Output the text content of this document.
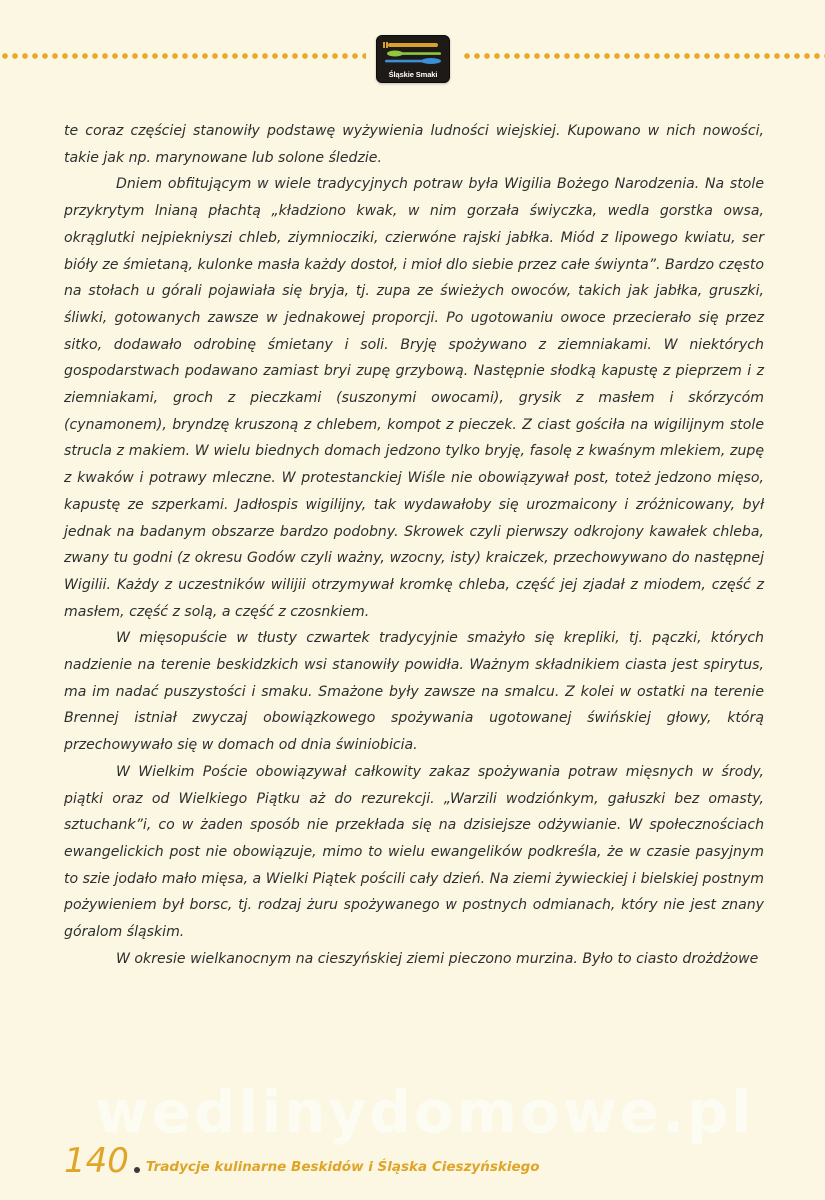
Śląskie Smaki

te coraz częściej stanowiły podstawę wyżywienia ludności wiejskiej. Kupowano w nich nowości, takie jak np. marynowane lub solone śledzie.

Dniem obfitującym w wiele tradycyjnych potraw była Wigilia Bożego Narodzenia. Na stole przykrytym lnianą płachtą „kładziono kwak, w nim gorzała świyczka, wedla gorstka owsa, okrąglutki nejpiekniyszi chleb, ziymniocziki, czierwóne rajski jabłka. Miód z lipowego kwiatu, ser bióły ze śmietaną, kulonke masła każdy dostoł, i mioł dlo siebie przez całe świynta”. Bardzo często na stołach u górali pojawiała się bryja, tj. zupa ze świeżych owoców, takich jak jabłka, gruszki, śliwki, gotowanych zawsze w jednakowej proporcji. Po ugotowaniu owoce przecierało się przez sitko, dodawało odrobinę śmietany i soli. Bryję spożywano z ziemniakami. W niektórych gospodarstwach podawano zamiast bryi zupę grzybową. Następnie słodką kapustę z pieprzem i z ziemniakami, groch z pieczkami (suszonymi owocami), grysik z masłem i skórzycóm (cynamonem), bryndzę kruszoną z chlebem, kompot z pieczek. Z ciast gościła na wigilijnym stole strucla z makiem. W wielu biednych domach jedzono tylko bryję, fasolę z kwaśnym mlekiem, zupę z kwaków i potrawy mleczne. W protestanckiej Wiśle nie obowiązywał post, toteż jedzono mięso, kapustę ze szperkami. Jadłospis wigilijny, tak wydawałoby się urozmaicony i zróżnicowany, był jednak na badanym obszarze bardzo podobny. Skrowek czyli pierwszy odkrojony kawałek chleba, zwany tu godni (z okresu Godów czyli ważny, wzocny, isty) kraiczek, przechowywano do następnej Wigilii. Każdy z uczestników wilijii otrzymywał kromkę chleba, część jej zjadał z miodem, część z masłem, część z solą, a część z czosnkiem.

W mięsopuście w tłusty czwartek tradycyjnie smażyło się krepliki, tj. pączki, których nadzienie na terenie beskidzkich wsi stanowiły powidła. Ważnym składnikiem ciasta jest spirytus, ma im nadać puszystości i smaku. Smażone były zawsze na smalcu. Z kolei w ostatki na terenie Brennej istniał zwyczaj obowiązkowego spożywania ugotowanej świńskiej głowy, którą przechowywało się w domach od dnia świniobicia.

W Wielkim Poście obowiązywał całkowity zakaz spożywania potraw mięsnych w środy, piątki oraz od Wielkiego Piątku aż do rezurekcji. „Warzili wodziónkym, gałuszki bez omasty, sztuchank”i, co w żaden sposób nie przekłada się na dzisiejsze odżywianie. W społecznościach ewangelickich post nie obowiązuje, mimo to wielu ewangelików podkreśla, że w czasie pasyjnym to szie jodało mało mięsa, a Wielki Piątek pościli cały dzień. Na ziemi żywieckiej i bielskiej postnym pożywieniem był borsc, tj. rodzaj żuru spożywanego w postnych odmianach, który nie jest znany góralom śląskim.

W okresie wielkanocnym na cieszyńskiej ziemi pieczono murzina. Było to ciasto drożdżowe

wedlinydomowe.pl
140 Tradycje kulinarne Beskidów i Śląska Cieszyńskiego
